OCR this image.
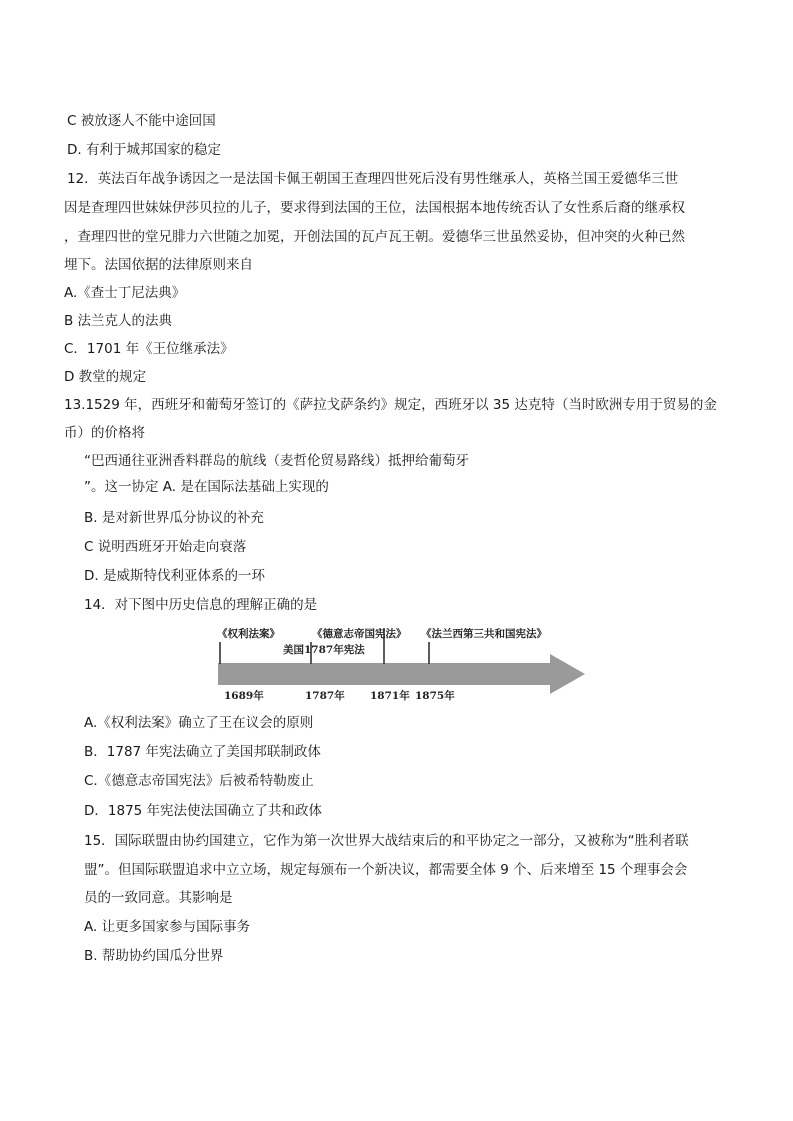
C 被放逐人不能中途回国
D. 有利于城邦国家的稳定
12．英法百年战争诱因之一是法国卡佩王朝国王查理四世死后没有男性继承人，英格兰国王爱德华三世
因是查理四世妹妹伊莎贝拉的儿子，要求得到法国的王位，法国根据本地传统否认了女性系后裔的继承权
，查理四世的堂兄腓力六世随之加冕，开创法国的瓦卢瓦王朝。爱德华三世虽然妥协，但冲突的火种已然
埋下。法国依据的法律原则来自
A.《查士丁尼法典》
B 法兰克人的法典
C．1701 年《王位继承法》
D 教堂的规定
13.1529 年，西班牙和葡萄牙签订的《萨拉戈萨条约》规定，西班牙以 35 达克特（当时欧洲专用于贸易的金
币）的价格将
“巴西通往亚洲香料群岛的航线（麦哲伦贸易路线）抵押给葡萄牙
”。这一协定 A. 是在国际法基础上实现的
B. 是对新世界瓜分协议的补充
C 说明西班牙开始走向衰落
D. 是威斯特伐利亚体系的一环
14．对下图中历史信息的理解正确的是
《权利法案》	《德意志帝国宪法》
美国1787年宪法
《法兰西第三共和国宪法》
1689年	1787年 1871年 1875年
A.《权利法案》确立了王在议会的原则
B．1787 年宪法确立了美国邦联制政体
C.《德意志帝国宪法》后被希特勒废止
D．1875 年宪法使法国确立了共和政体
15．国际联盟由协约国建立，它作为第一次世界大战结束后的和平协定之一部分，又被称为“胜利者联
盟”。但国际联盟追求中立立场，规定每颁布一个新决议，都需要全体 9 个、后来增至 15 个理事会会
员的一致同意。其影响是
A. 让更多国家参与国际事务
B. 帮助协约国瓜分世界
